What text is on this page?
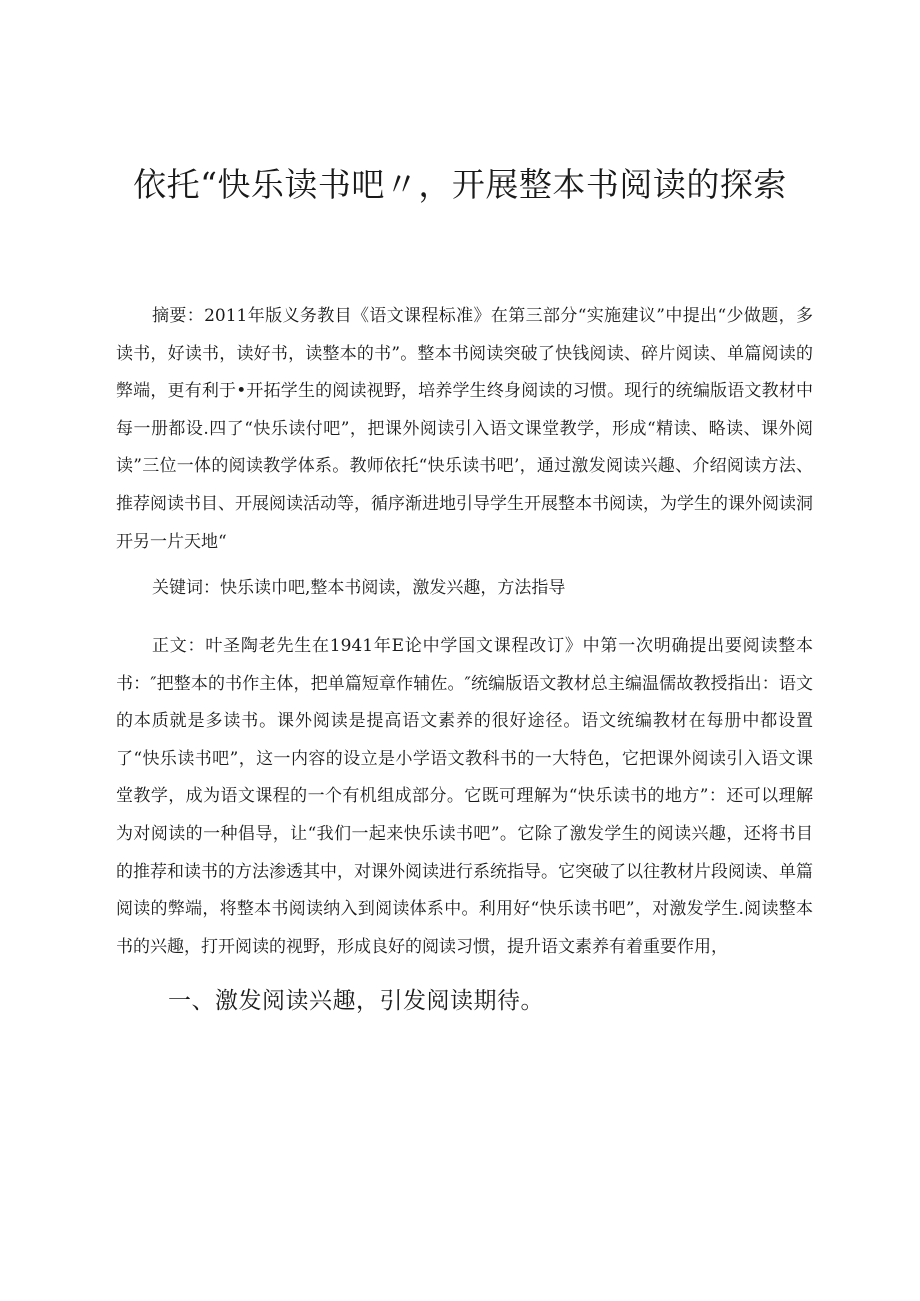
依托“快乐读书吧〃，开展整本书阅读的探索

摘要：2011年版义务教目《语文课程标准》在第三部分“实施建议”中提出“少做题，多读书，好读书，读好书，读整本的书”。整本书阅读突破了快钱阅读、碎片阅读、单篇阅读的弊端，更有利于•开拓学生的阅读视野，培养学生终身阅读的习惯。现行的统编版语文教材中每一册都设.四了“快乐读付吧”，把课外阅读引入语文课堂教学，形成“精读、略读、课外阅读”三位一体的阅读教学体系。教师依托“快乐读书吧’，通过激发阅读兴趣、介绍阅读方法、推荐阅读书目、开展阅读活动等，循序渐进地引导学生开展整本书阅读，为学生的课外阅读洞开另一片天地“

关键词：快乐读巾吧,整本书阅读，激发兴趣，方法指导

正文：叶圣陶老先生在1941年E论中学国文课程改订》中第一次明确提出要阅读整本书：″把整本的书作主体，把单篇短章作辅佐。″统编版语文教材总主编温儒故教授指出：语文的本质就是多读书。课外阅读是提高语文素养的很好途径。语文统编教材在每册中都设置了“快乐读书吧”，这一内容的设立是小学语文教科书的一大特色，它把课外阅读引入语文课堂教学，成为语文课程的一个有机组成部分。它既可理解为“快乐读书的地方”：还可以理解为对阅读的一种倡导，让“我们一起来快乐读书吧”。它除了激发学生的阅读兴趣，还将书目的推荐和读书的方法渗透其中，对课外阅读进行系统指导。它突破了以往教材片段阅读、单篇阅读的弊端，将整本书阅读纳入到阅读体系中。利用好“快乐读书吧”，对激发学生.阅读整本书的兴趣，打开阅读的视野，形成良好的阅读习惯，提升语文素养有着重要作用，

一、激发阅读兴趣，引发阅读期待。
